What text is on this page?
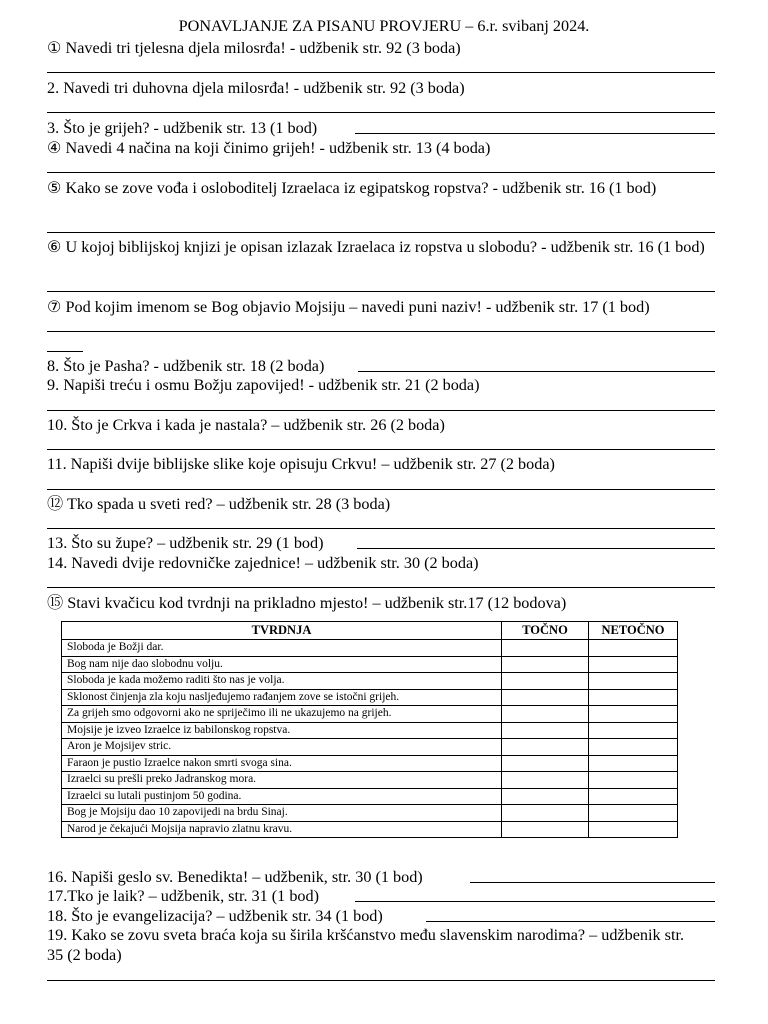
PONAVLJANJE ZA PISANU PROVJERU – 6.r. svibanj 2024.
① Navedi tri tjelesna djela milosrđa! - udžbenik str. 92 (3 boda)
2. Navedi tri duhovna djela milosrđa! - udžbenik str. 92 (3 boda)
3. Što je grijeh? - udžbenik str. 13 (1 bod)
④ Navedi 4 načina na koji činimo grijeh! - udžbenik str. 13 (4 boda)
⑤ Kako se zove vođa i osloboditelj Izraelaca iz egipatskog ropstva? - udžbenik str. 16 (1 bod)
⑥ U kojoj biblijskoj knjizi je opisan izlazak Izraelaca iz ropstva u slobodu? - udžbenik str. 16 (1 bod)
⑦ Pod kojim imenom se Bog objavio Mojsiju – navedi puni naziv! - udžbenik str. 17 (1 bod)
8. Što je Pasha? - udžbenik str. 18 (2 boda)
9. Napiši treću i osmu Božju zapovijed! - udžbenik str. 21 (2 boda)
10. Što je Crkva i kada je nastala? – udžbenik str. 26 (2 boda)
11. Napiši dvije biblijske slike koje opisuju Crkvu! – udžbenik str. 27 (2 boda)
⑫ Tko spada u sveti red? – udžbenik str. 28 (3 boda)
13. Što su župe? – udžbenik str. 29 (1 bod)
14. Navedi dvije redovničke zajednice! – udžbenik str. 30 (2 boda)
⑮ Stavi kvačicu kod tvrdnji na prikladno mjesto! – udžbenik str.17 (12 bodova)
TVRDNJA	TOČNO	NETOČNO
Sloboda je Božji dar.		
Bog nam nije dao slobodnu volju.		
Sloboda je kada možemo raditi što nas je volja.		
Sklonost činjenja zla koju nasljeđujemo rađanjem zove se istočni grijeh.		
Za grijeh smo odgovorni ako ne spriječimo ili ne ukazujemo na grijeh.		
Mojsije je izveo Izraelce iz babilonskog ropstva.		
Aron je Mojsijev stric.		
Faraon je pustio Izraelce nakon smrti svoga sina.		
Izraelci su prešli preko Jadranskog mora.		
Izraelci su lutali pustinjom 50 godina.		
Bog je Mojsiju dao 10 zapovijedi na brdu Sinaj.		
Narod je čekajući Mojsija napravio zlatnu kravu.		
16. Napiši geslo sv. Benedikta! – udžbenik, str. 30 (1 bod)
17.Tko je laik? – udžbenik, str. 31 (1 bod)
18. Što je evangelizacija? – udžbenik str. 34 (1 bod)
19. Kako se zovu sveta braća koja su širila kršćanstvo među slavenskim narodima? – udžbenik str. 35 (2 boda)
